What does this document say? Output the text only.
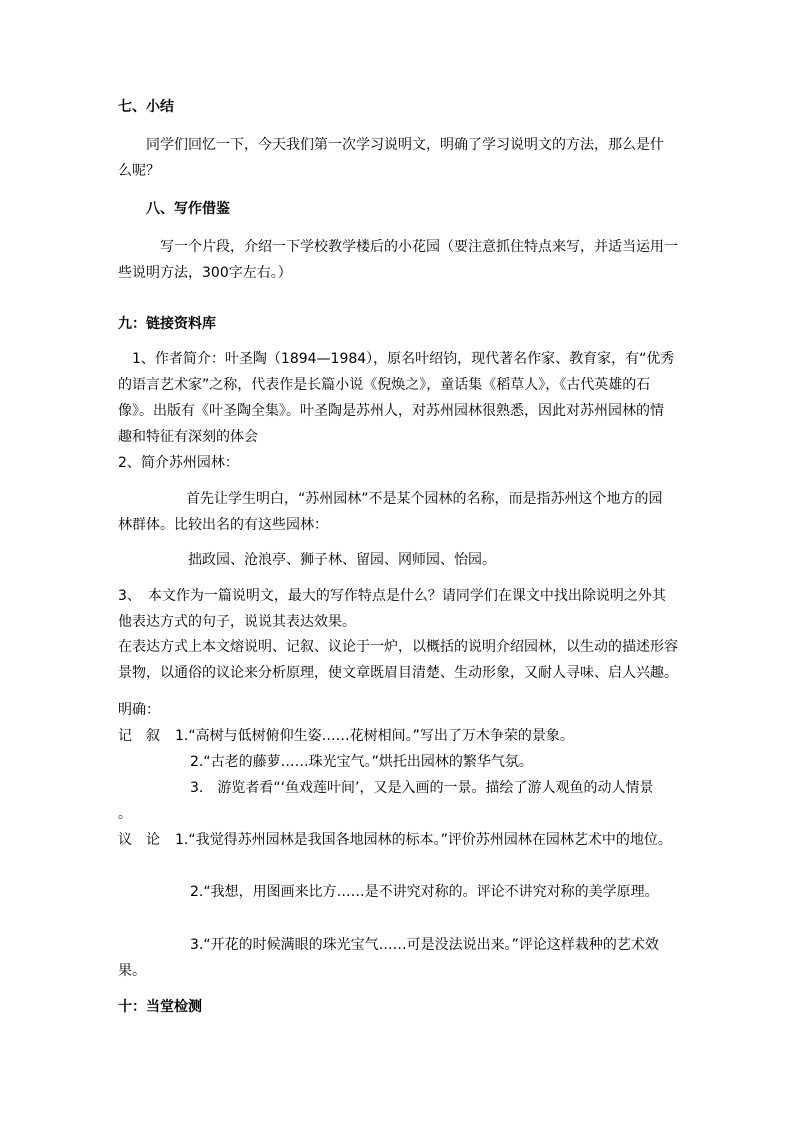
七、小结
同学们回忆一下，今天我们第一次学习说明文，明确了学习说明文的方法，那么是什
么呢？
八、写作借鉴
写一个片段，介绍一下学校教学楼后的小花园（要注意抓住特点来写，并适当运用一
些说明方法，300字左右。）
九：链接资料库
1、作者简介：叶圣陶（1894—1984），原名叶绍钧，现代著名作家、教育家，有“优秀
的语言艺术家”之称，代表作是长篇小说《倪焕之》，童话集《稻草人》，《古代英雄的石
像》。出版有《叶圣陶全集》。叶圣陶是苏州人，对苏州园林很熟悉，因此对苏州园林的情
趣和特征有深刻的体会
2、简介苏州园林：
首先让学生明白，“苏州园林”不是某个园林的名称，而是指苏州这个地方的园
林群体。比较出名的有这些园林：
拙政园、沧浪亭、狮子林、留园、网师园、怡园。
3、　本文作为一篇说明文，最大的写作特点是什么？请同学们在课文中找出除说明之外其
他表达方式的句子，说说其表达效果。
在表达方式上本文熔说明、记叙、议论于一炉，以概括的说明介绍园林，以生动的描述形容
景物，以通俗的议论来分析原理，使文章既眉目清楚、生动形象，又耐人寻味、启人兴趣。
明确：
记　叙 1.“高树与低树俯仰生姿……花树相间。”写出了万木争荣的景象。
2.“古老的藤萝……珠光宝气。”烘托出园林的繁华气氛。
3.　游览者看“‘鱼戏莲叶间’，又是入画的一景。描绘了游人观鱼的动人情景
。
议　论 1.“我觉得苏州园林是我国各地园林的标本。”评价苏州园林在园林艺术中的地位。
2.“我想，用图画来比方……是不讲究对称的。评论不讲究对称的美学原理。
3.“开花的时候满眼的珠光宝气……可是没法说出来。”评论这样栽种的艺术效
果。
十：当堂检测
